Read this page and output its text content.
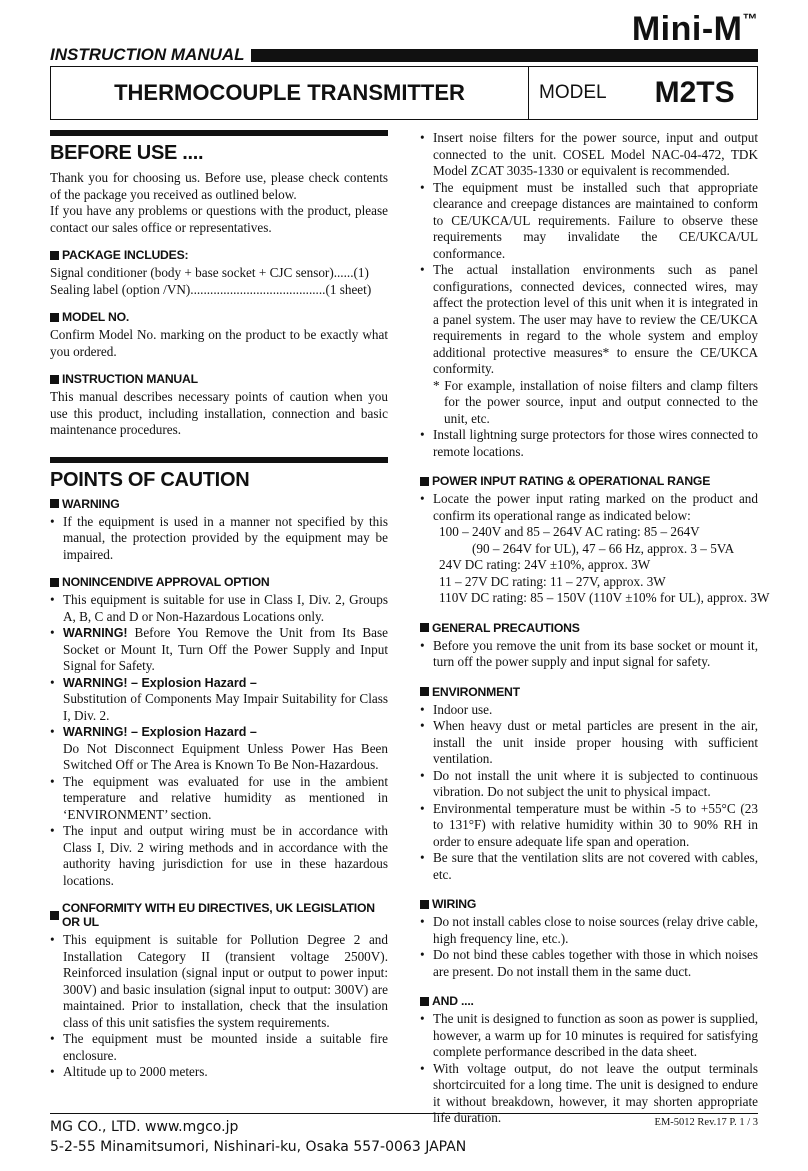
Mini-M™
INSTRUCTION MANUAL
THERMOCOUPLE TRANSMITTER	MODEL M2TS
BEFORE USE ....

Thank you for choosing us. Before use, please check contents of the package you received as outlined below.

If you have any problems or questions with the product, please contact our sales office or representatives.

PACKAGE INCLUDES:
Signal conditioner (body + base socket + CJC sensor)......(1)
Sealing label (option /VN).........................................(1 sheet)
MODEL NO.

Confirm Model No. marking on the product to be exactly what you ordered.

INSTRUCTION MANUAL

This manual describes necessary points of caution when you use this product, including installation, connection and basic maintenance procedures.

POINTS OF CAUTION
WARNING
• If the equipment is used in a manner not specified by this manual, the protection provided by the equipment may be impaired.
NONINCENDIVE APPROVAL OPTION
• This equipment is suitable for use in Class I, Div. 2, Groups A, B, C and D or Non-Hazardous Locations only.
• WARNING! Before You Remove the Unit from Its Base Socket or Mount It, Turn Off the Power Supply and Input Signal for Safety.
• WARNING! – Explosion Hazard –
Substitution of Components May Impair Suitability for Class I, Div. 2.
• WARNING! – Explosion Hazard –
Do Not Disconnect Equipment Unless Power Has Been Switched Off or The Area is Known To Be Non-Hazardous.
• The equipment was evaluated for use in the ambient temperature and relative humidity as mentioned in ‘ENVIRONMENT’ section.
• The input and output wiring must be in accordance with Class I, Div. 2 wiring methods and in accordance with the authority having jurisdiction for use in these hazardous locations.
CONFORMITY WITH EU DIRECTIVES, UK LEGISLATION OR UL
• This equipment is suitable for Pollution Degree 2 and Installation Category II (transient voltage 2500V). Reinforced insulation (signal input or output to power input: 300V) and basic insulation (signal input to output: 300V) are maintained. Prior to installation, check that the insulation class of this unit satisfies the system requirements.
• The equipment must be mounted inside a suitable fire enclosure.
• Altitude up to 2000 meters.
• Insert noise filters for the power source, input and output connected to the unit. COSEL Model NAC-04-472, TDK Model ZCAT 3035-1330 or equivalent is recommended.
• The equipment must be installed such that appropriate clearance and creepage distances are maintained to conform to CE/UKCA/UL requirements. Failure to observe these requirements may invalidate the CE/UKCA/UL conformance.
• The actual installation environments such as panel configurations, connected devices, connected wires, may affect the protection level of this unit when it is integrated in a panel system. The user may have to review the CE/UKCA requirements in regard to the whole system and employ additional protective measures* to ensure the CE/UKCA conformity.
* For example, installation of noise filters and clamp filters for the power source, input and output connected to the unit, etc.
• Install lightning surge protectors for those wires connected to remote locations.
POWER INPUT RATING & OPERATIONAL RANGE
• Locate the power input rating marked on the product and confirm its operational range as indicated below:
100 – 240V and 85 – 264V AC rating: 85 – 264V
(90 – 264V for UL), 47 – 66 Hz, approx. 3 – 5VA
24V DC rating: 24V ±10%, approx. 3W
11 – 27V DC rating: 11 – 27V, approx. 3W
110V DC rating: 85 – 150V (110V ±10% for UL), approx. 3W
GENERAL PRECAUTIONS
• Before you remove the unit from its base socket or mount it, turn off the power supply and input signal for safety.
ENVIRONMENT
• Indoor use.
• When heavy dust or metal particles are present in the air, install the unit inside proper housing with sufficient ventilation.
• Do not install the unit where it is subjected to continuous vibration. Do not subject the unit to physical impact.
• Environmental temperature must be within -5 to +55°C (23 to 131°F) with relative humidity within 30 to 90% RH in order to ensure adequate life span and operation.
• Be sure that the ventilation slits are not covered with cables, etc.
WIRING
• Do not install cables close to noise sources (relay drive cable, high frequency line, etc.).
• Do not bind these cables together with those in which noises are present. Do not install them in the same duct.
AND ....
• The unit is designed to function as soon as power is supplied, however, a warm up for 10 minutes is required for satisfying complete performance described in the data sheet.
• With voltage output, do not leave the output terminals shortcircuited for a long time. The unit is designed to endure it without breakdown, however, it may shorten appropriate life duration.
MG CO., LTD. www.mgco.jp
5-2-55 Minamitsumori, Nishinari-ku, Osaka 557-0063 JAPAN
EM-5012 Rev.17 P. 1 / 3
